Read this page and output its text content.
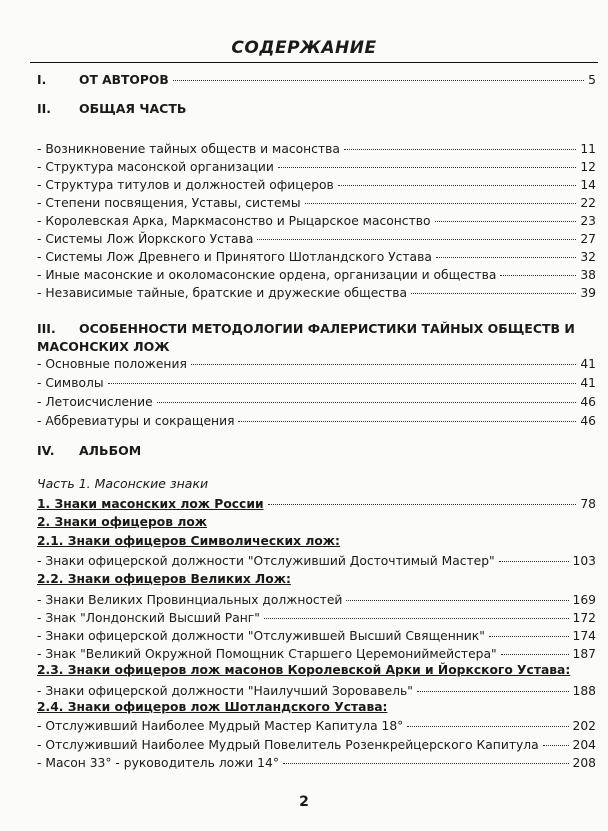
СОДЕРЖАНИЕ
I.	ОТ АВТОРОВ	5
II.	ОБЩАЯ ЧАСТЬ
- Возникновение тайных обществ и масонства	11
- Структура масонской организации	12
- Структура титулов и должностей офицеров	14
- Степени посвящения, Уставы, системы	22
- Королевская Арка, Маркмасонство и Рыцарское масонство	23
- Системы Лож Йоркского Устава	27
- Системы Лож Древнего и Принятого Шотландского Устава	32
- Иные масонские и околомасонские ордена, организации и общества	38
- Независимые тайные, братские и дружеские общества	39
III. ОСОБЕННОСТИ МЕТОДОЛОГИИ ФАЛЕРИСТИКИ ТАЙНЫХ ОБЩЕСТВ И МАСОНСКИХ ЛОЖ
- Основные положения	41
- Символы	41
- Летоисчисление	46
- Аббревиатуры и сокращения	46
IV.	АЛЬБОМ
Часть 1. Масонские знаки
1. Знаки масонских лож России	78
2. Знаки офицеров лож
2.1. Знаки офицеров Символических лож:
- Знаки офицерской должности "Отслуживший Досточтимый Мастер"	103
2.2. Знаки офицеров Великих Лож:
- Знаки Великих Провинциальных должностей	169
- Знак "Лондонский Высший Ранг"	172
- Знаки офицерской должности "Отслужившей Высший Священник"	174
- Знак "Великий Окружной Помощник Старшего Церемониймейстера"	187
2.3. Знаки офицеров лож масонов Королевской Арки и Йоркского Устава:
- Знаки офицерской должности "Наилучший Зоровавель"	188
2.4. Знаки офицеров лож Шотландского Устава:
- Отслуживший Наиболее Мудрый Мастер Капитула 18°	202
- Отслуживший Наиболее Мудрый Повелитель Розенкрейцерского Капитула	204
- Масон 33° - руководитель ложи 14°	208
2
